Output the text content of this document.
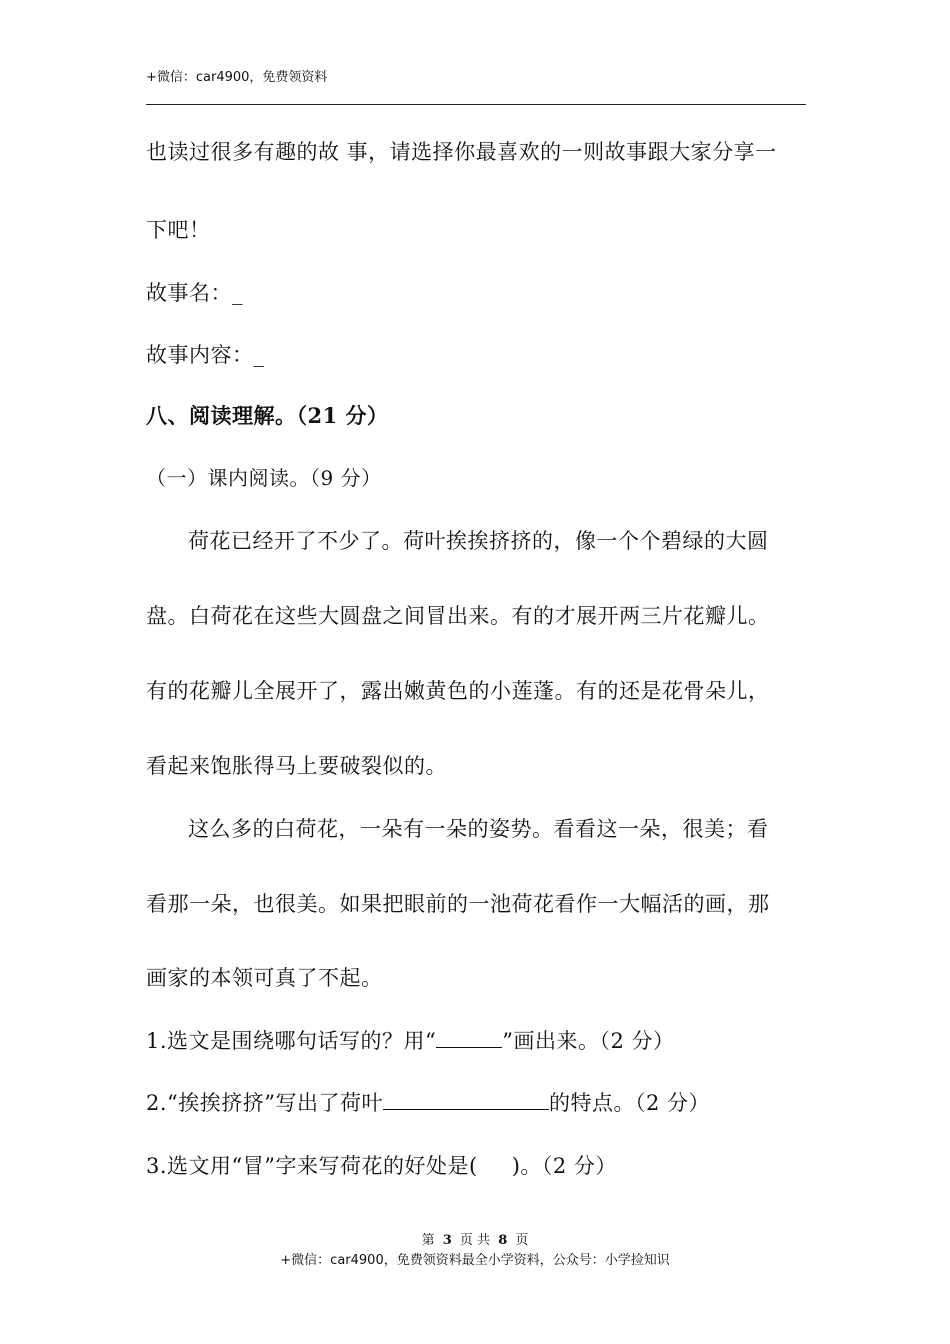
+微信：car4900，免费领资料
也读过很多有趣的故 事，请选择你最喜欢的一则故事跟大家分享一
下吧！
故事名：_
故事内容：_
八、阅读理解。（21 分）
（一）课内阅读。（9 分）
荷花已经开了不少了。荷叶挨挨挤挤的，像一个个碧绿的大圆
盘。白荷花在这些大圆盘之间冒出来。有的才展开两三片花瓣儿。
有的花瓣儿全展开了，露出嫩黄色的小莲蓬。有的还是花骨朵儿，
看起来饱胀得马上要破裂似的。
这么多的白荷花，一朵有一朵的姿势。看看这一朵，很美；看
看那一朵，也很美。如果把眼前的一池荷花看作一大幅活的画，那
画家的本领可真了不起。
1.选文是围绕哪句话写的？用“	”画出来。（2 分）
2.“挨挨挤挤”写出了荷叶	的特点。（2 分）
3.选文用“冒”字来写荷花的好处是( )。（2 分）
第 3 页 共 8 页
+微信：car4900，免费领资料最全小学资料，公众号：小学捡知识
